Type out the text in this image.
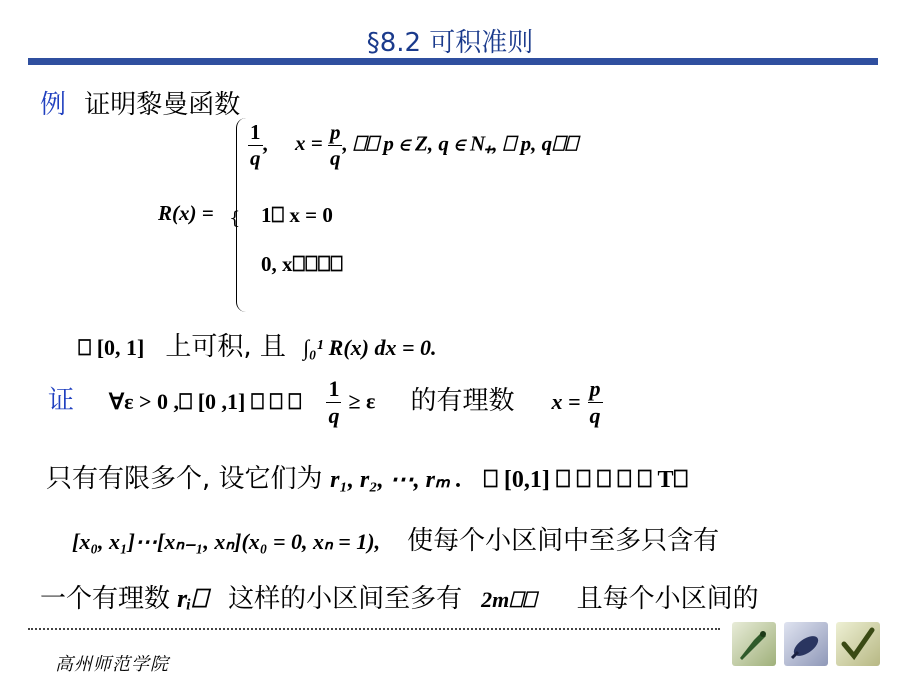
§8.2 可积准则
例 证明黎曼函数
R(x) = {
$\frac{1}{q}$ , $x = \frac{p}{q}$ , ⎕⎕ p ∈ Z, q ∈ N₊, ⎕ p, q⎕⎕
1⎕ x = 0
0, x⎕⎕⎕⎕
⎕ [0, 1] 上可积, 且 ∫₀¹ R(x) dx = 0.
证 ∀ε > 0 ,⎕ [0 ,1] ⎕ ⎕ ⎕ $\frac{1}{q} \ge \varepsilon$ 的有理数 $x = \frac{p}{q}$
只有有限多个, 设它们为 r₁, r₂, ⋯, rₘ . ⎕ [0,1] ⎕ ⎕ ⎕ ⎕ ⎕ T⎕
[x₀, x₁]⋯[xₙ₋₁, xₙ](x₀ = 0, xₙ = 1), 使每个小区间中至多只含有
一个有理数 rᵢ⎕ 这样的小区间至多有 2m⎕⎕ 且每个小区间的
高州师范学院
